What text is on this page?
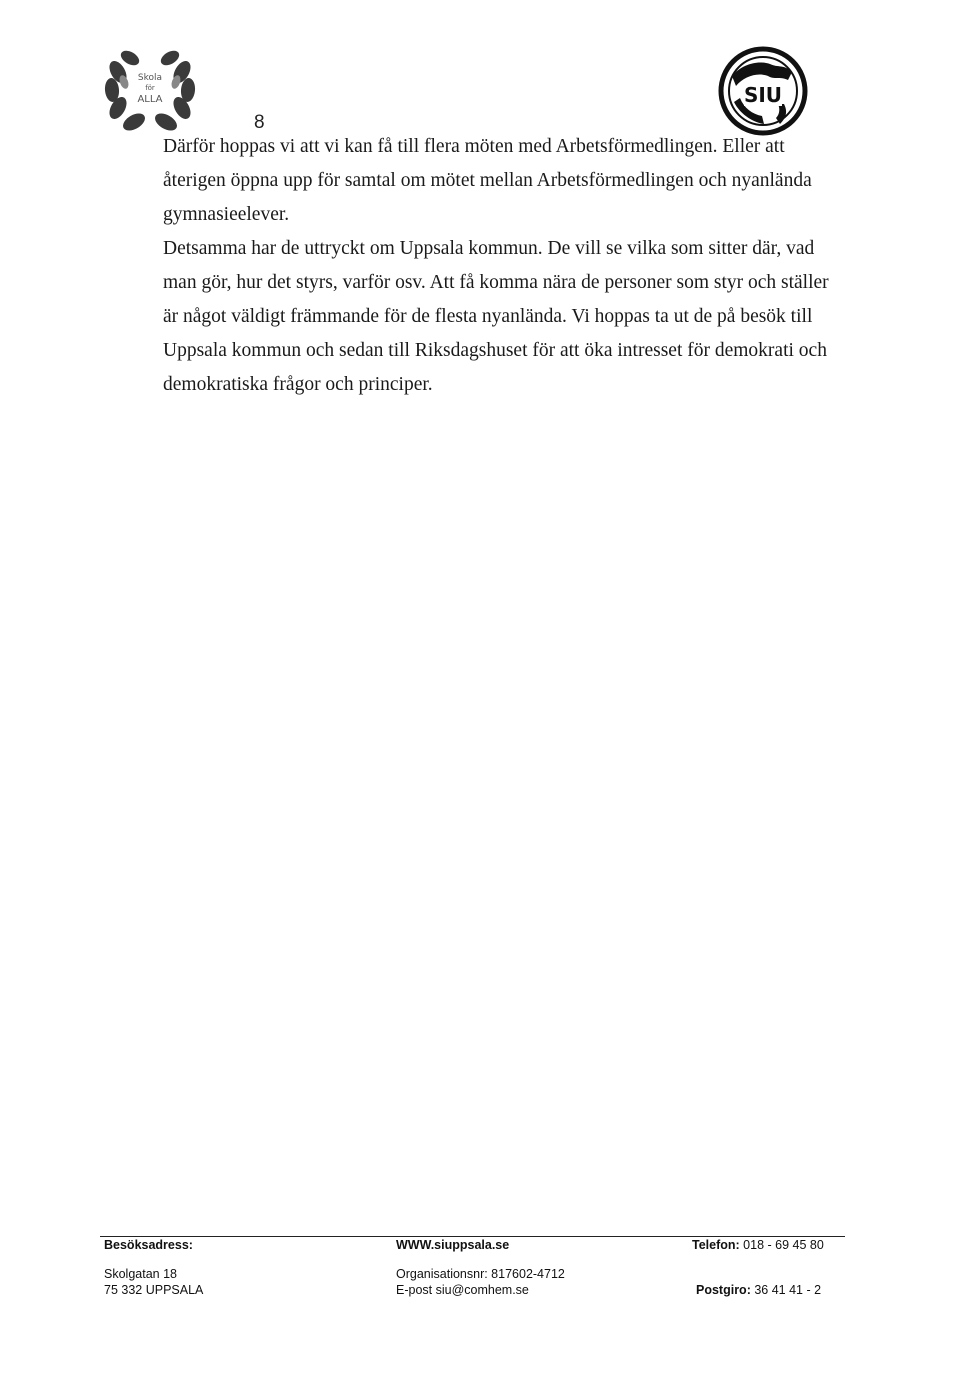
Skola
för
ALLA
8
SIU

Därför hoppas vi att vi kan få till flera möten med Arbetsförmedlingen. Eller att
återigen öppna upp för samtal om mötet mellan Arbetsförmedlingen och nyanlända
gymnasieelever.

Detsamma har de uttryckt om Uppsala kommun. De vill se vilka som sitter där, vad
man gör, hur det styrs, varför osv. Att få komma nära de personer som styr och ställer
är något väldigt främmande för de flesta nyanlända. Vi hoppas ta ut de på besök till
Uppsala kommun och sedan till Riksdagshuset för att öka intresset för demokrati och
demokratiska frågor och principer.

Besöksadress:	WWW.siuppsala.se	Telefon: 018 - 69 45 80
Skolgatan 18
75 332 UPPSALA
Organisationsnr: 817602-4712
E-post siu@comhem.se	Postgiro: 36 41 41 - 2
